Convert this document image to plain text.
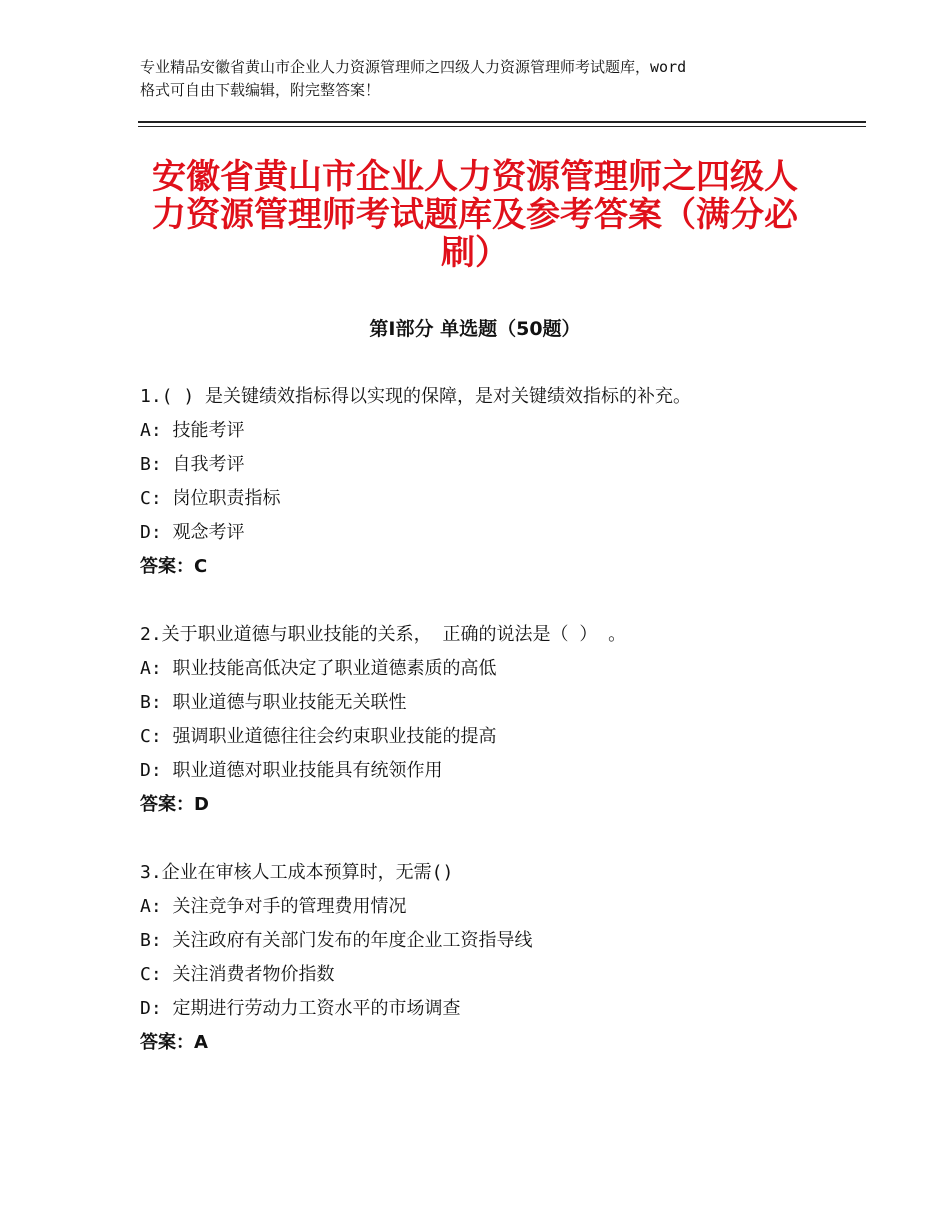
专业精品安徽省黄山市企业人力资源管理师之四级人力资源管理师考试题库，word
格式可自由下载编辑，附完整答案！
安徽省黄山市企业人力资源管理师之四级人
力资源管理师考试题库及参考答案（满分必
刷）
第Ⅰ部分 单选题（50题）
1.( ) 是关键绩效指标得以实现的保障，是对关键绩效指标的补充。
A: 技能考评
B: 自我考评
C: 岗位职责指标
D: 观念考评
答案：C
2.关于职业道德与职业技能的关系， 正确的说法是（ ） 。
A: 职业技能高低决定了职业道德素质的高低
B: 职业道德与职业技能无关联性
C: 强调职业道德往往会约束职业技能的提高
D: 职业道德对职业技能具有统领作用
答案：D
3.企业在审核人工成本预算时，无需()
A: 关注竞争对手的管理费用情况
B: 关注政府有关部门发布的年度企业工资指导线
C: 关注消费者物价指数
D: 定期进行劳动力工资水平的市场调查
答案：A
